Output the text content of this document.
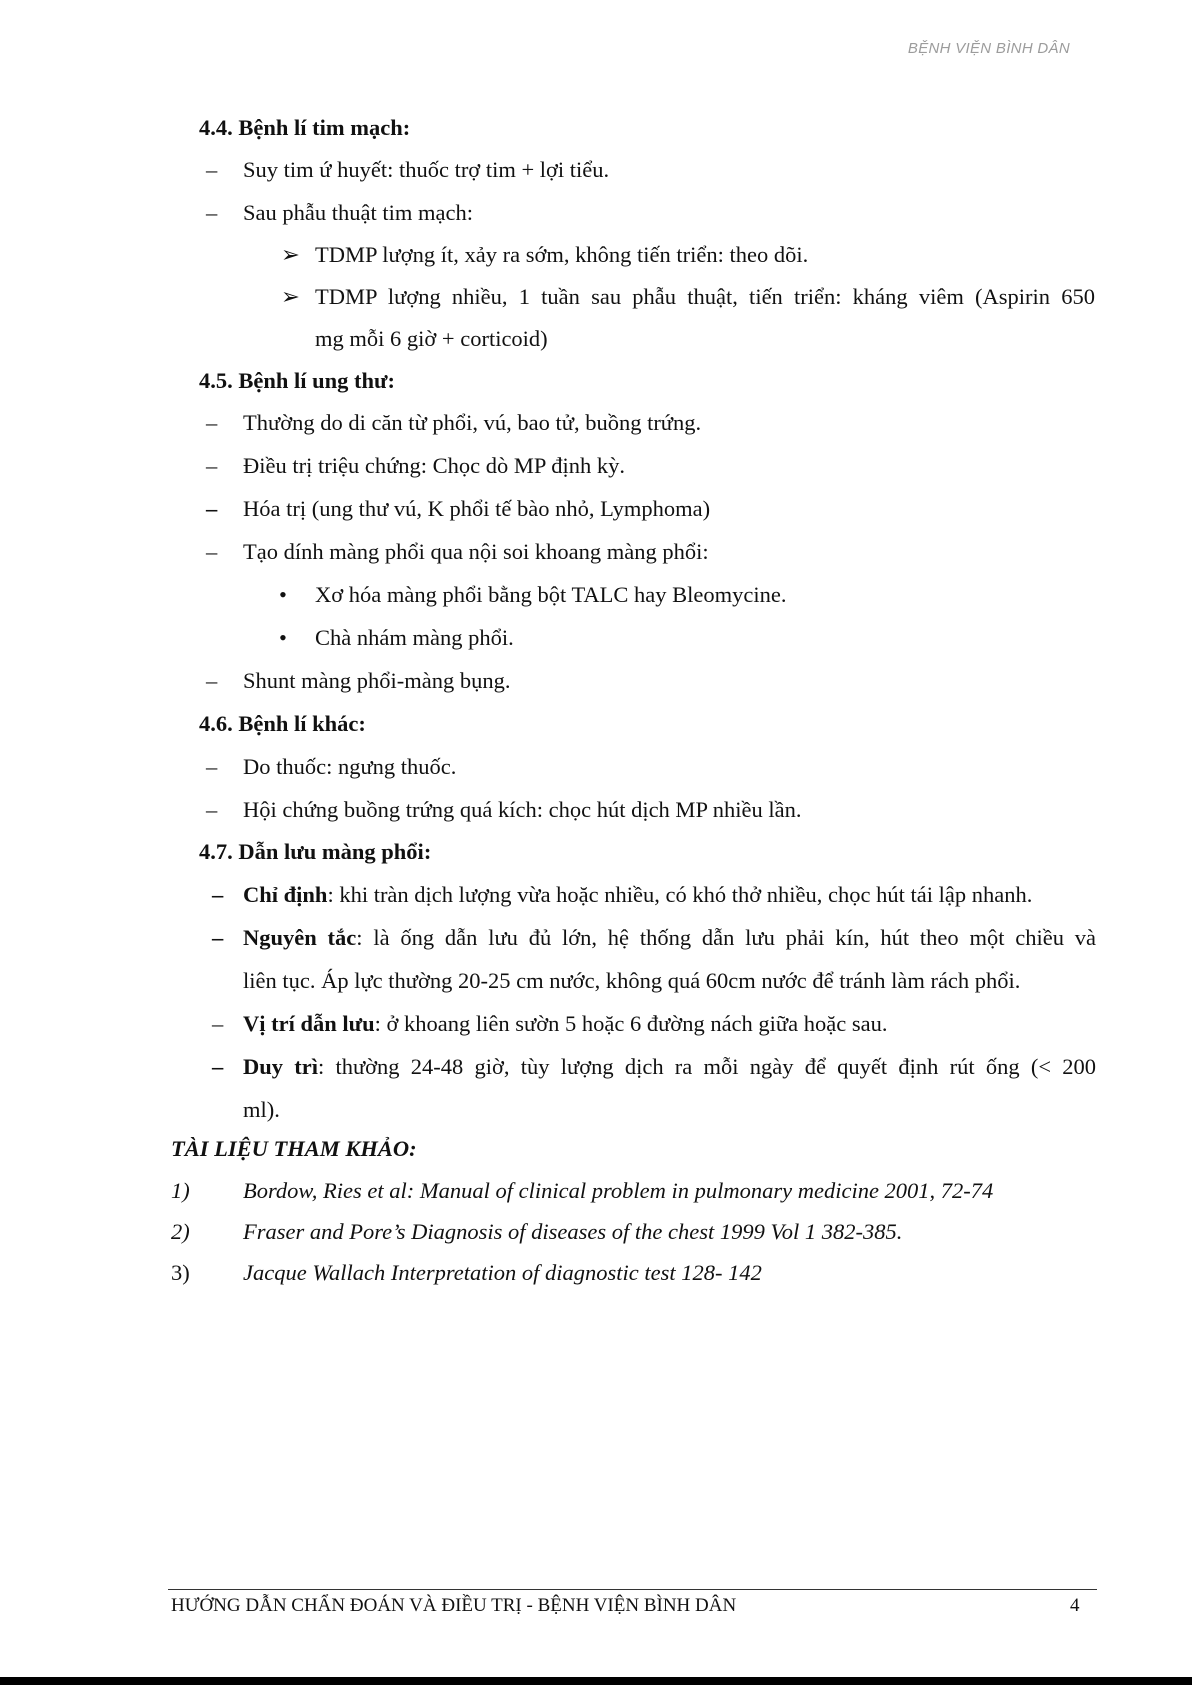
BỆNH VIỆN BÌNH DÂN
4.4. Bệnh lí tim mạch:
– Suy tim ứ huyết: thuốc trợ tim + lợi tiểu.
– Sau phẫu thuật tim mạch:
➢ TDMP lượng ít, xảy ra sớm, không tiến triển: theo dõi.
➢ TDMP lượng nhiều, 1 tuần sau phẫu thuật, tiến triển: kháng viêm (Aspirin 650
mg mỗi 6 giờ + corticoid)
4.5. Bệnh lí ung thư:
– Thường do di căn từ phổi, vú, bao tử, buồng trứng.
– Điều trị triệu chứng: Chọc dò MP định kỳ.
– Hóa trị (ung thư vú, K phổi tế bào nhỏ, Lymphoma)
– Tạo dính màng phổi qua nội soi khoang màng phổi:
• Xơ hóa màng phổi bằng bột TALC hay Bleomycine.
• Chà nhám màng phổi.
– Shunt màng phổi-màng bụng.
4.6. Bệnh lí khác:
– Do thuốc: ngưng thuốc.
– Hội chứng buồng trứng quá kích: chọc hút dịch MP nhiều lần.
4.7. Dẫn lưu màng phổi:
– Chỉ định: khi tràn dịch lượng vừa hoặc nhiều, có khó thở nhiều, chọc hút tái lập nhanh.
– Nguyên tắc: là ống dẫn lưu đủ lớn, hệ thống dẫn lưu phải kín, hút theo một chiều và
liên tục. Áp lực thường 20-25 cm nước, không quá 60cm nước để tránh làm rách phổi.
– Vị trí dẫn lưu: ở khoang liên sườn 5 hoặc 6 đường nách giữa hoặc sau.
– Duy trì: thường 24-48 giờ, tùy lượng dịch ra mỗi ngày để quyết định rút ống (< 200
ml).
TÀI LIỆU THAM KHẢO:
1) Bordow, Ries et al: Manual of clinical problem in pulmonary medicine 2001, 72-74
2) Fraser and Pore’s Diagnosis of diseases of the chest 1999 Vol 1 382-385.
3) Jacque Wallach Interpretation of diagnostic test 128- 142
HƯỚNG DẪN CHẨN ĐOÁN VÀ ĐIỀU TRỊ - BỆNH VIỆN BÌNH DÂN	4
